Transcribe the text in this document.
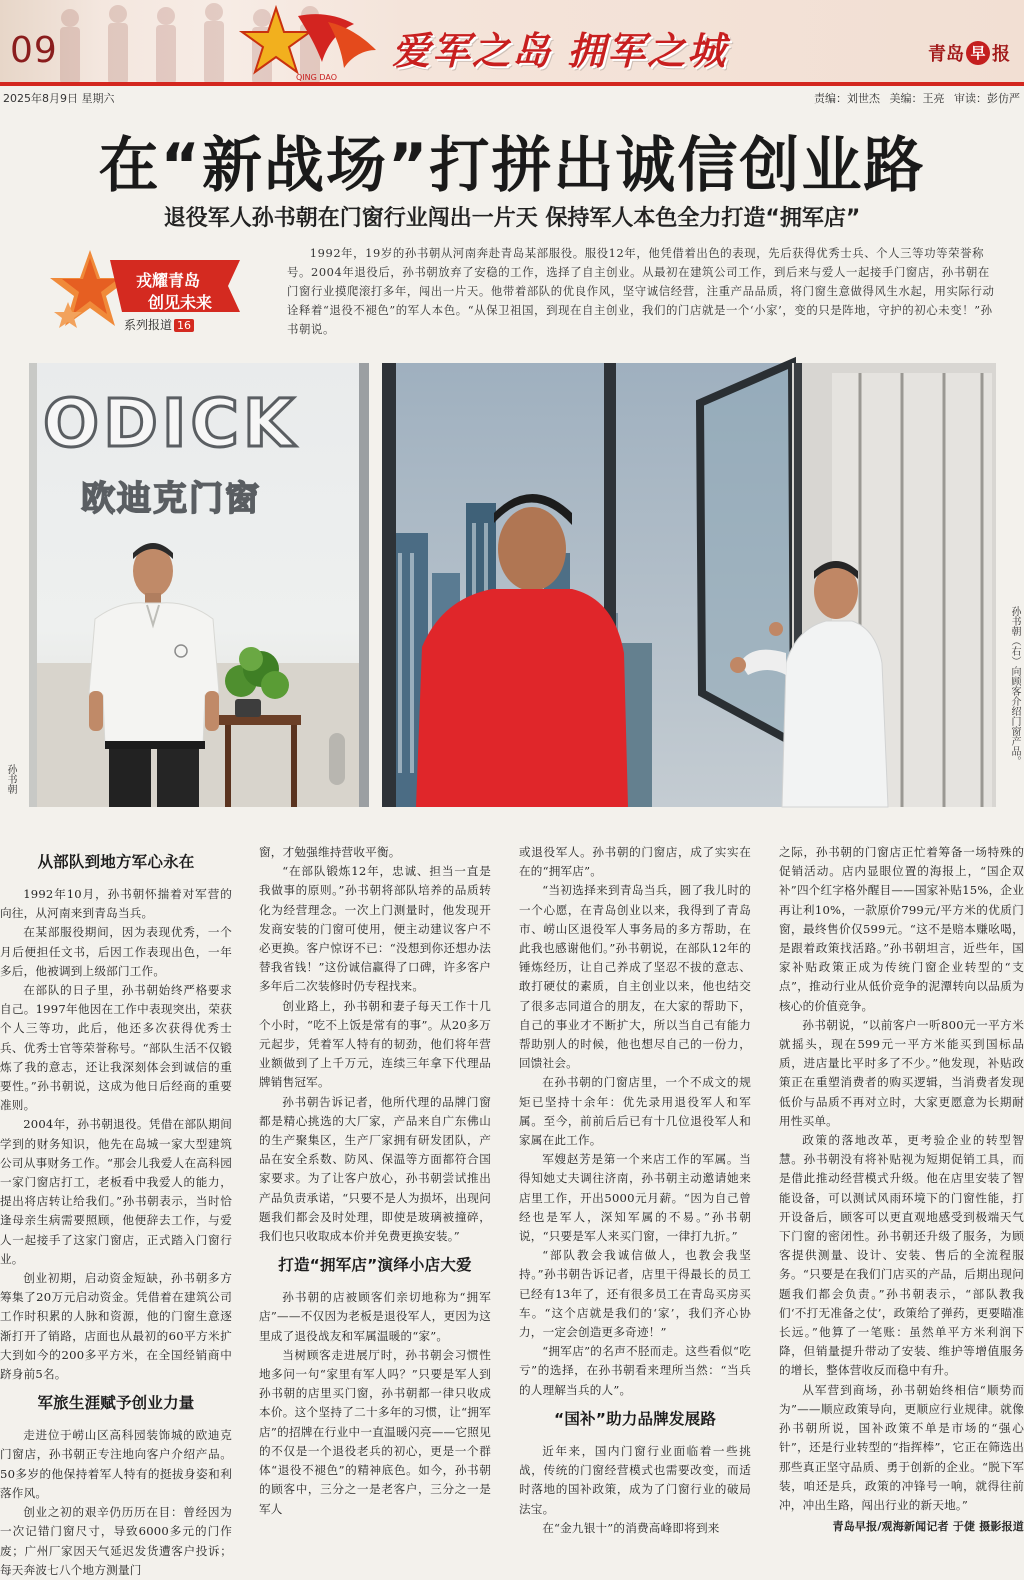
09
QING DAO
爱军之岛 拥军之城	青岛 早 报
2025年8月9日 星期六	责编：刘世杰 美编：王亮 审读：彭仿严
在“新战场”打拼出诚信创业路
退役军人孙书朝在门窗行业闯出一片天 保持军人本色全力打造“拥军店”
戎耀青岛
创见未来
系列报道 16

1992年，19岁的孙书朝从河南奔赴青岛某部服役。服役12年，他凭借着出色的表现，先后获得优秀士兵、个人三等功等荣誉称号。2004年退役后，孙书朝放弃了安稳的工作，选择了自主创业。从最初在建筑公司工作，到后来与爱人一起接手门窗店，孙书朝在门窗行业摸爬滚打多年，闯出一片天。他带着部队的优良作风，坚守诚信经营，注重产品品质，将门窗生意做得风生水起，用实际行动诠释着“退役不褪色”的军人本色。“从保卫祖国，到现在自主创业，我们的门店就是一个‘小家’，变的只是阵地，守护的初心未变！”孙书朝说。

ODICK
欧迪克门窗
孙书朝
孙书朝（右）向顾客介绍门窗产品。
从部队到地方军心永在

1992年10月，孙书朝怀揣着对军营的向往，从河南来到青岛当兵。

在某部服役期间，因为表现优秀，一个月后便担任文书，后因工作表现出色，一年多后，他被调到上级部门工作。

在部队的日子里，孙书朝始终严格要求自己。1997年他因在工作中表现突出，荣获个人三等功，此后，他还多次获得优秀士兵、优秀士官等荣誉称号。“部队生活不仅锻炼了我的意志，还让我深刻体会到诚信的重要性。”孙书朝说，这成为他日后经商的重要准则。

2004年，孙书朝退役。凭借在部队期间学到的财务知识，他先在岛城一家大型建筑公司从事财务工作。“那会儿我爱人在高科园一家门窗店打工，老板看中我爱人的能力，提出将店转让给我们。”孙书朝表示，当时恰逢母亲生病需要照顾，他便辞去工作，与爱人一起接手了这家门窗店，正式踏入门窗行业。

创业初期，启动资金短缺，孙书朝多方筹集了20万元启动资金。凭借着在建筑公司工作时积累的人脉和资源，他的门窗生意逐渐打开了销路，店面也从最初的60平方米扩大到如今的200多平方米，在全国经销商中跻身前5名。

军旅生涯赋予创业力量

走进位于崂山区高科园装饰城的欧迪克门窗店，孙书朝正专注地向客户介绍产品。50多岁的他保持着军人特有的挺拔身姿和利落作风。

创业之初的艰辛仍历历在目：曾经因为一次记错门窗尺寸，导致6000多元的门作废；广州厂家因天气延迟发货遭客户投诉；每天奔波七八个地方测量门

窗，才勉强维持营收平衡。

“在部队锻炼12年，忠诚、担当一直是我做事的原则。”孙书朝将部队培养的品质转化为经营理念。一次上门测量时，他发现开发商安装的门窗可使用，便主动建议客户不必更换。客户惊讶不已：“没想到你还想办法替我省钱！”这份诚信赢得了口碑，许多客户多年后二次装修时仍专程找来。

创业路上，孙书朝和妻子每天工作十几个小时，“吃不上饭是常有的事”。从20多万元起步，凭着军人特有的韧劲，他们将年营业额做到了上千万元，连续三年拿下代理品牌销售冠军。

孙书朝告诉记者，他所代理的品牌门窗都是精心挑选的大厂家，产品来自广东佛山的生产聚集区，生产厂家拥有研发团队，产品在安全系数、防风、保温等方面都符合国家要求。为了让客户放心，孙书朝尝试推出产品负责承诺，“只要不是人为损坏，出现问题我们都会及时处理，即使是玻璃被撞碎，我们也只收取成本价并免费更换安装。”

打造“拥军店”演绎小店大爱

孙书朝的店被顾客们亲切地称为“拥军店”——不仅因为老板是退役军人，更因为这里成了退役战友和军属温暖的“家”。

当树顾客走进展厅时，孙书朝会习惯性地多问一句“家里有军人吗？”只要是军人到孙书朝的店里买门窗，孙书朝都一律只收成本价。这个坚持了二十多年的习惯，让“拥军店”的招牌在行业中一直温暖闪亮——它照见的不仅是一个退役老兵的初心，更是一个群体“退役不褪色”的精神底色。如今，孙书朝的顾客中，三分之一是老客户，三分之一是军人

或退役军人。孙书朝的门窗店，成了实实在在的“拥军店”。

“当初选择来到青岛当兵，圆了我儿时的一个心愿，在青岛创业以来，我得到了青岛市、崂山区退役军人事务局的多方帮助，在此我也感谢他们。”孙书朝说，在部队12年的锤炼经历，让自己养成了坚忍不拔的意志、敢打硬仗的素质，自主创业以来，他也结交了很多志同道合的朋友，在大家的帮助下，自己的事业才不断扩大，所以当自己有能力帮助别人的时候，他也想尽自己的一份力，回馈社会。

在孙书朝的门窗店里，一个不成文的规矩已坚持十余年：优先录用退役军人和军属。至今，前前后后已有十几位退役军人和家属在此工作。

军嫂赵芳是第一个来店工作的军属。当得知她丈夫调往济南，孙书朝主动邀请她来店里工作，开出5000元月薪。“因为自己曾经也是军人，深知军属的不易。”孙书朝说，“只要是军人来买门窗，一律打九折。”

“部队教会我诚信做人，也教会我坚持。”孙书朝告诉记者，店里干得最长的员工已经有13年了，还有很多员工在青岛买房买车。“这个店就是我们的‘家’，我们齐心协力，一定会创造更多奇迹！”

“拥军店”的名声不胫而走。这些看似“吃亏”的选择，在孙书朝看来理所当然：“当兵的人理解当兵的人”。

“国补”助力品牌发展路

近年来，国内门窗行业面临着一些挑战，传统的门窗经营模式也需要改变，而适时落地的国补政策，成为了门窗行业的破局法宝。

在“金九银十”的消费高峰即将到来

之际，孙书朝的门窗店正忙着筹备一场特殊的促销活动。店内显眼位置的海报上，“国企双补”四个红字格外醒目——国家补贴15%，企业再让利10%，一款原价799元/平方米的优质门窗，最终售价仅599元。“这不是赔本赚吆喝，是跟着政策找活路。”孙书朝坦言，近些年，国家补贴政策正成为传统门窗企业转型的“支点”，推动行业从低价竞争的泥潭转向以品质为核心的价值竞争。

孙书朝说，“以前客户一听800元一平方米就摇头，现在599元一平方米能买到国标品质，进店量比平时多了不少。”他发现，补贴政策正在重塑消费者的购买逻辑，当消费者发现低价与品质不再对立时，大家更愿意为长期耐用性买单。

政策的落地改革，更考验企业的转型智慧。孙书朝没有将补贴视为短期促销工具，而是借此推动经营模式升级。他在店里安装了智能设备，可以测试风雨环境下的门窗性能，打开设备后，顾客可以更直观地感受到极端天气下门窗的密闭性。孙书朝还升级了服务，为顾客提供测量、设计、安装、售后的全流程服务。“只要是在我们门店买的产品，后期出现问题我们都会负责。”孙书朝表示，“部队教我们‘不打无准备之仗’，政策给了弹药，更要瞄准长远。”他算了一笔账：虽然单平方米利润下降，但销量提升带动了安装、维护等增值服务的增长，整体营收反而稳中有升。

从军营到商场，孙书朝始终相信“顺势而为”——顺应政策导向，更顺应行业规律。就像孙书朝所说，国补政策不单是市场的“强心针”，还是行业转型的“指挥棒”，它正在筛选出那些真正坚守品质、勇于创新的企业。“脱下军装，咱还是兵，政策的冲锋号一响，就得往前冲，冲出生路，闯出行业的新天地。”

青岛早报/观海新闻记者 于倢 摄影报道
